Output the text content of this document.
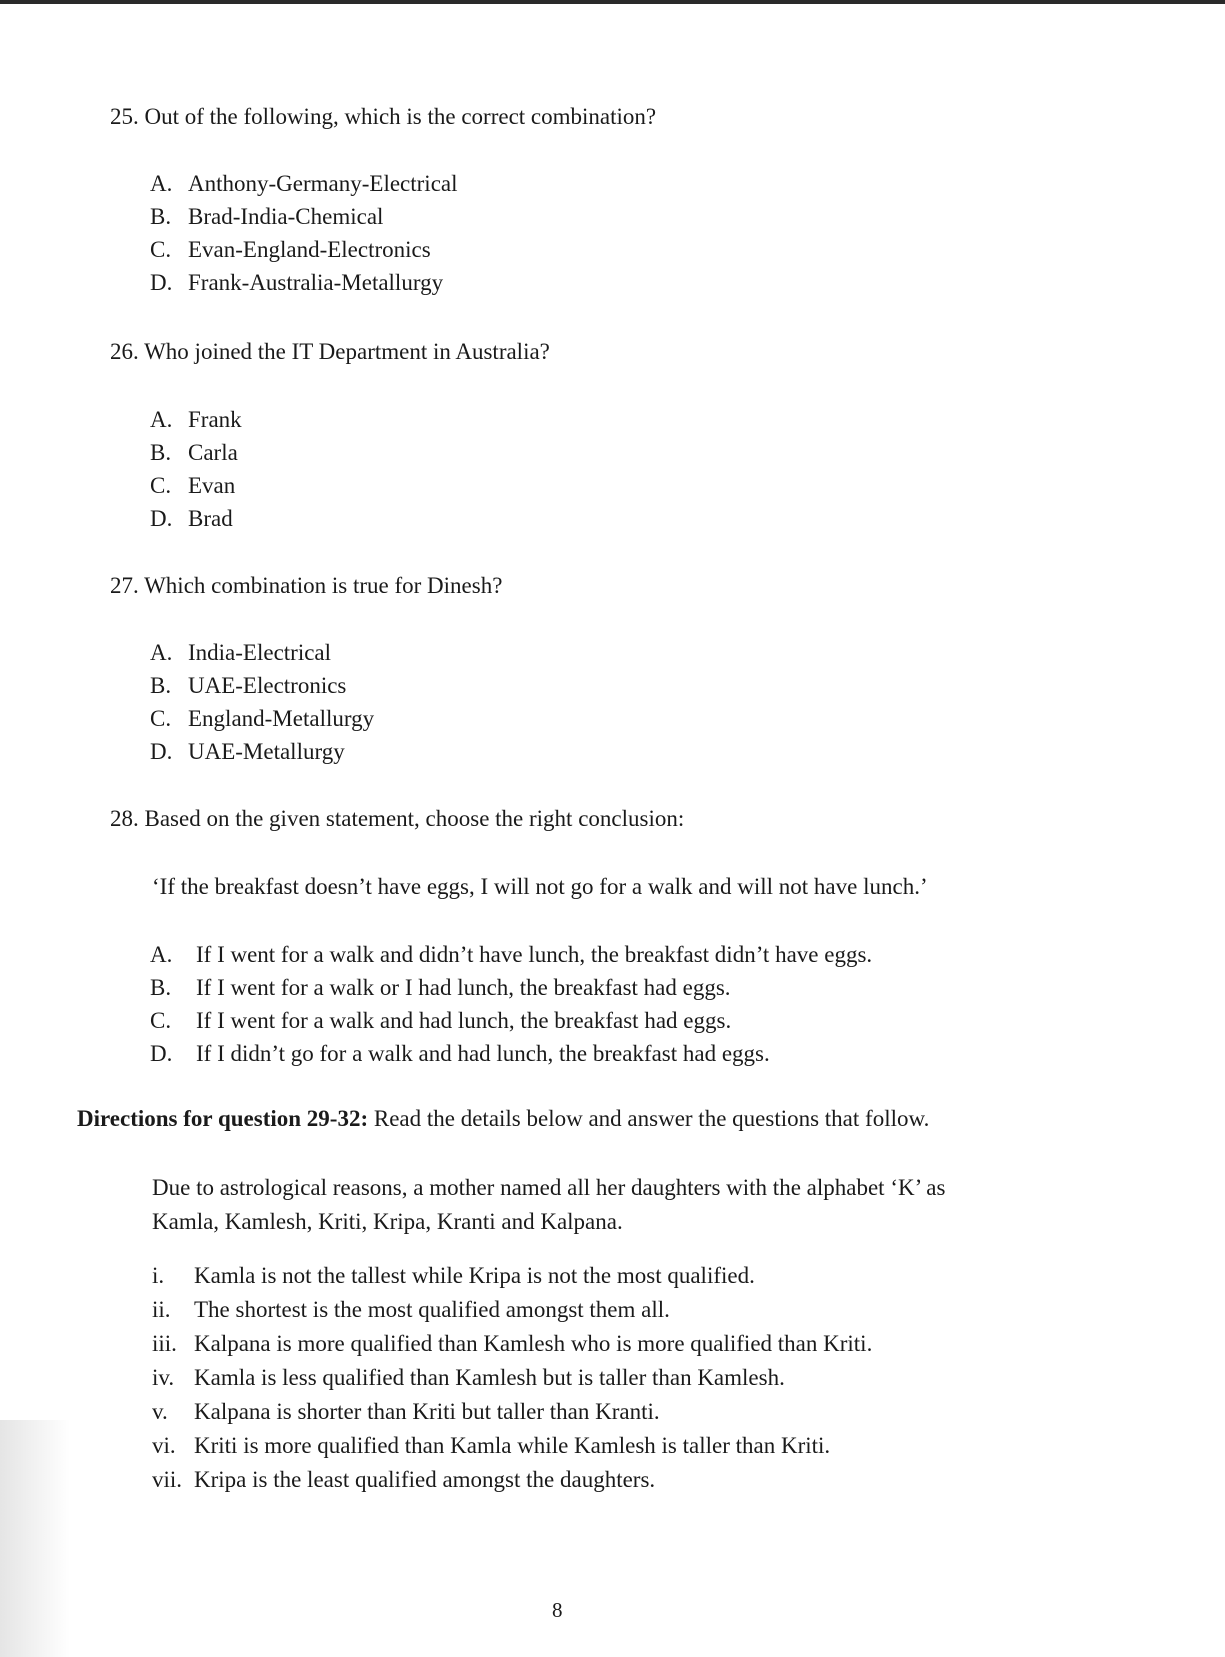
25. Out of the following, which is the correct combination?
A. Anthony-Germany-Electrical
B. Brad-India-Chemical
C. Evan-England-Electronics
D. Frank-Australia-Metallurgy
26. Who joined the IT Department in Australia?
A. Frank
B. Carla
C. Evan
D. Brad
27. Which combination is true for Dinesh?
A. India-Electrical
B. UAE-Electronics
C. England-Metallurgy
D. UAE-Metallurgy
28. Based on the given statement, choose the right conclusion:
‘If the breakfast doesn’t have eggs, I will not go for a walk and will not have lunch.’
A. If I went for a walk and didn’t have lunch, the breakfast didn’t have eggs.
B. If I went for a walk or I had lunch, the breakfast had eggs.
C. If I went for a walk and had lunch, the breakfast had eggs.
D. If I didn’t go for a walk and had lunch, the breakfast had eggs.
Directions for question 29-32: Read the details below and answer the questions that follow.
Due to astrological reasons, a mother named all her daughters with the alphabet ‘K’ as
Kamla, Kamlesh, Kriti, Kripa, Kranti and Kalpana.
i. Kamla is not the tallest while Kripa is not the most qualified.
ii. The shortest is the most qualified amongst them all.
iii. Kalpana is more qualified than Kamlesh who is more qualified than Kriti.
iv. Kamla is less qualified than Kamlesh but is taller than Kamlesh.
v. Kalpana is shorter than Kriti but taller than Kranti.
vi. Kriti is more qualified than Kamla while Kamlesh is taller than Kriti.
vii. Kripa is the least qualified amongst the daughters.
8
